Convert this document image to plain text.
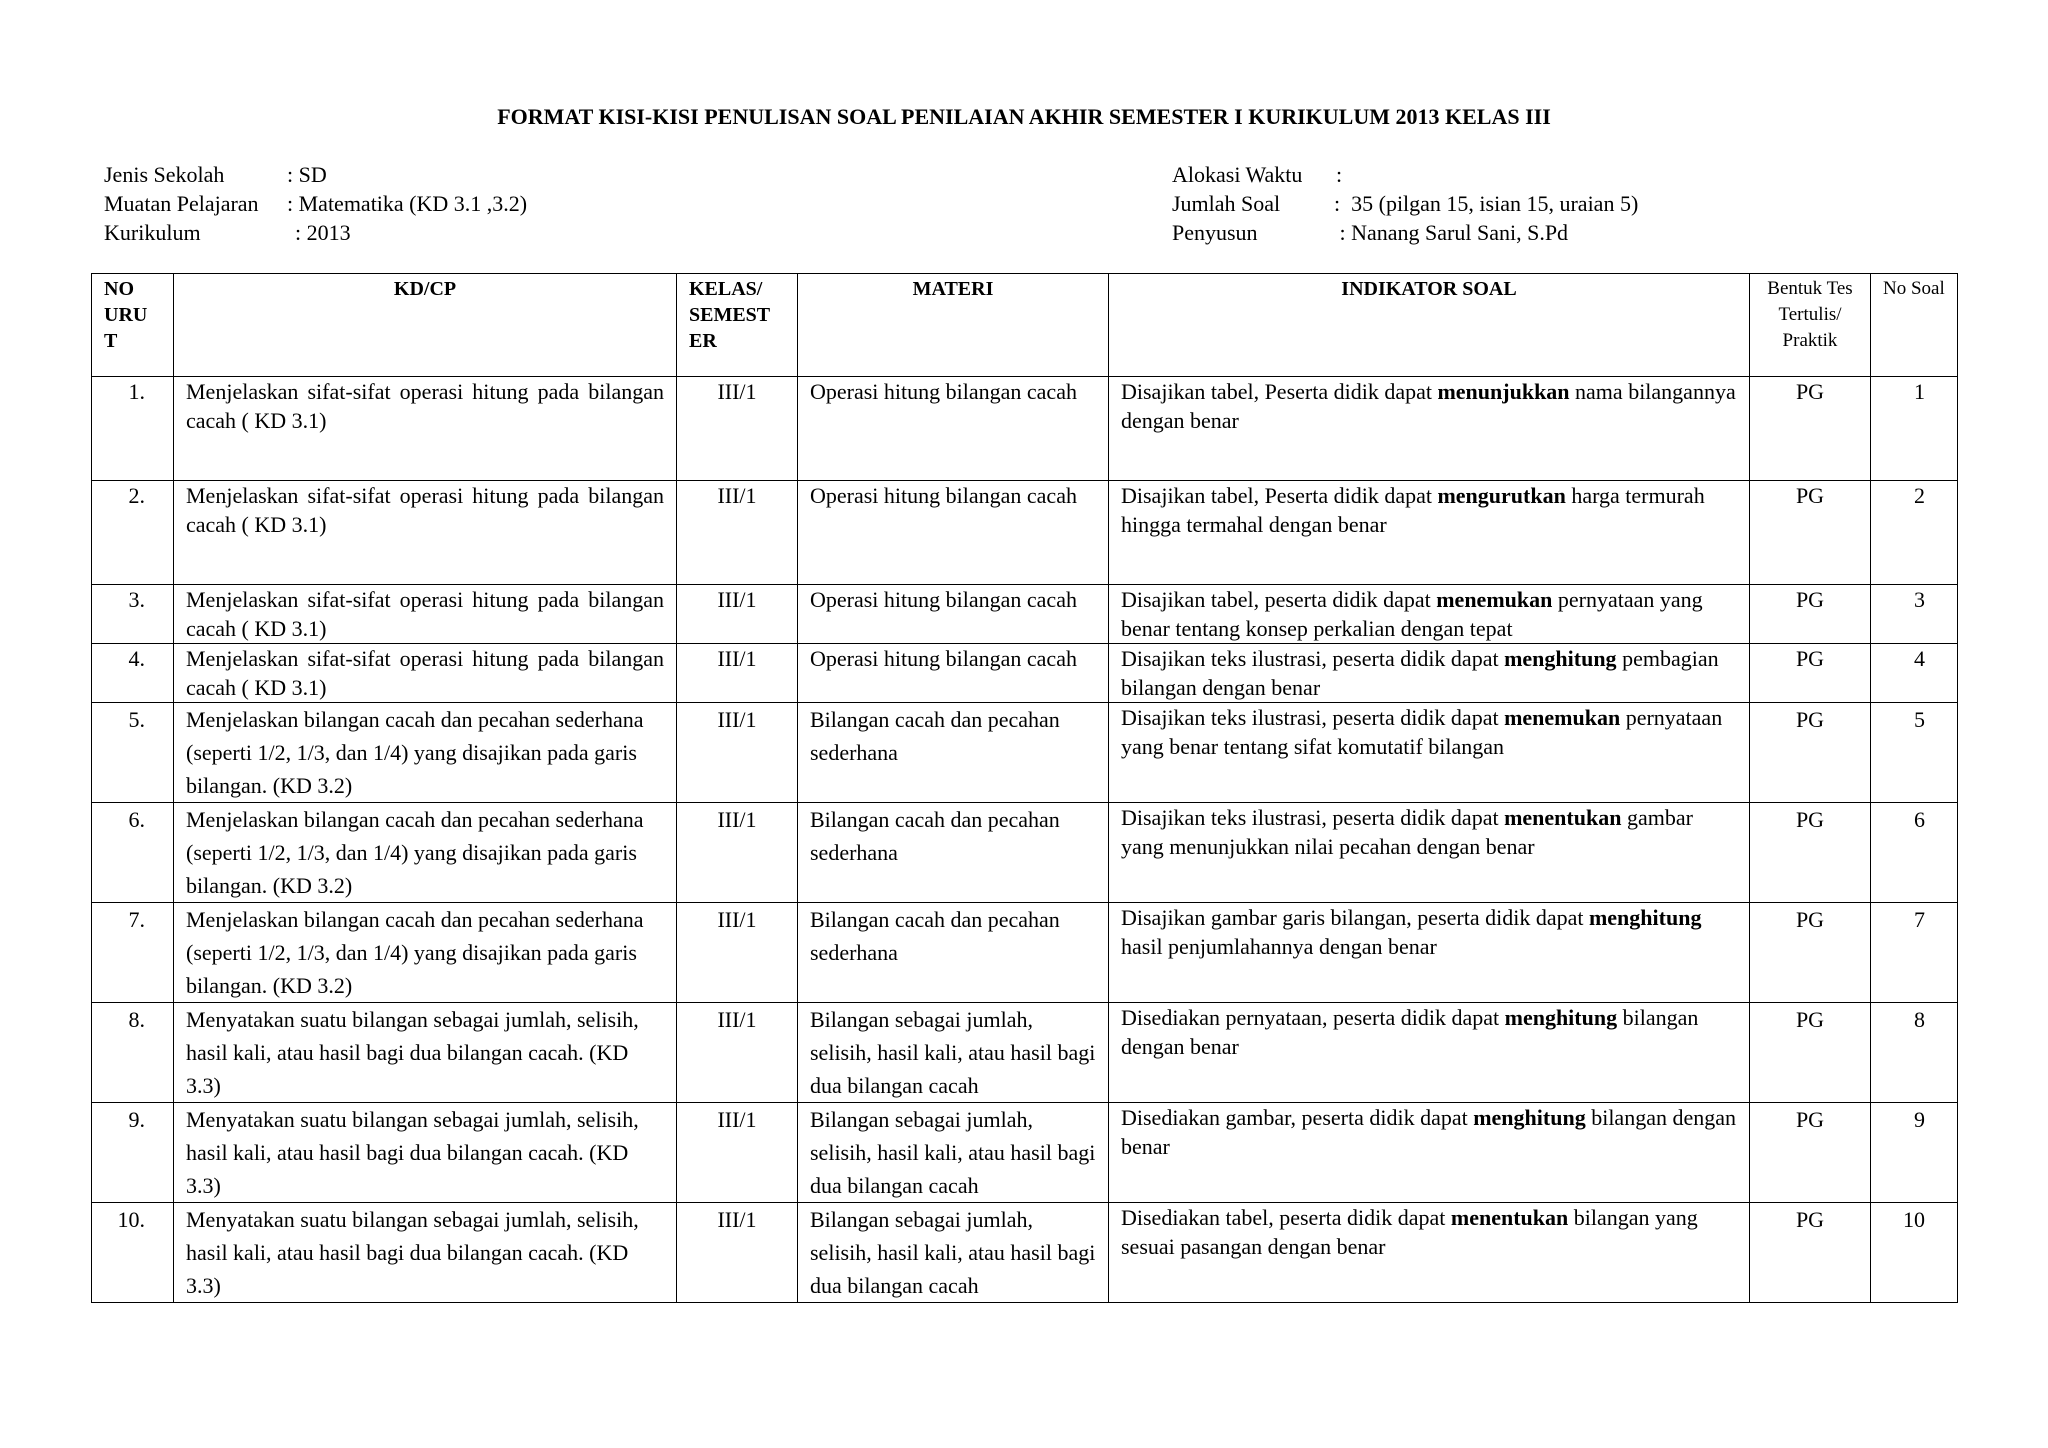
FORMAT KISI-KISI PENULISAN SOAL PENILAIAN AKHIR SEMESTER I KURIKULUM 2013 KELAS III
Jenis Sekolah	: SD
Muatan Pelajaran	: Matematika (KD 3.1 ,3.2)
Kurikulum	: 2013
Alokasi Waktu	:
Jumlah Soal	:  35 (pilgan 15, isian 15, uraian 5)
Penyusun	: Nanang Sarul Sani, S.Pd
NO URU T	KD/CP	KELAS/ SEMEST ER	MATERI	INDIKATOR SOAL	Bentuk Tes Tertulis/ Praktik	No Soal
1.	Menjelaskan sifat-sifat operasi hitung pada bilangan cacah ( KD 3.1)	III/1	Operasi hitung bilangan cacah	Disajikan tabel, Peserta didik dapat menunjukkan nama bilangannya dengan benar	PG	1
2.	Menjelaskan sifat-sifat operasi hitung pada bilangan cacah ( KD 3.1)	III/1	Operasi hitung bilangan cacah	Disajikan tabel, Peserta didik dapat mengurutkan harga termurah hingga termahal dengan benar	PG	2
3.	Menjelaskan sifat-sifat operasi hitung pada bilangan cacah ( KD 3.1)	III/1	Operasi hitung bilangan cacah	Disajikan tabel, peserta didik dapat menemukan pernyataan yang benar tentang konsep perkalian dengan tepat	PG	3
4.	Menjelaskan sifat-sifat operasi hitung pada bilangan cacah ( KD 3.1)	III/1	Operasi hitung bilangan cacah	Disajikan teks ilustrasi, peserta didik dapat menghitung pembagian bilangan dengan benar	PG	4
5.	Menjelaskan bilangan cacah dan pecahan sederhana (seperti 1/2, 1/3, dan 1/4) yang disajikan pada garis bilangan. (KD 3.2)	III/1	Bilangan cacah dan pecahan sederhana	Disajikan teks ilustrasi, peserta didik dapat menemukan pernyataan yang benar tentang sifat komutatif bilangan	PG	5
6.	Menjelaskan bilangan cacah dan pecahan sederhana (seperti 1/2, 1/3, dan 1/4) yang disajikan pada garis bilangan. (KD 3.2)	III/1	Bilangan cacah dan pecahan sederhana	Disajikan teks ilustrasi, peserta didik dapat menentukan gambar yang menunjukkan nilai pecahan dengan benar	PG	6
7.	Menjelaskan bilangan cacah dan pecahan sederhana (seperti 1/2, 1/3, dan 1/4) yang disajikan pada garis bilangan. (KD 3.2)	III/1	Bilangan cacah dan pecahan sederhana	Disajikan gambar garis bilangan, peserta didik dapat menghitung hasil penjumlahannya dengan benar	PG	7
8.	Menyatakan suatu bilangan sebagai jumlah, selisih, hasil kali, atau hasil bagi dua bilangan cacah. (KD 3.3)	III/1	Bilangan sebagai jumlah, selisih, hasil kali, atau hasil bagi dua bilangan cacah	Disediakan pernyataan, peserta didik dapat menghitung bilangan dengan benar	PG	8
9.	Menyatakan suatu bilangan sebagai jumlah, selisih, hasil kali, atau hasil bagi dua bilangan cacah. (KD 3.3)	III/1	Bilangan sebagai jumlah, selisih, hasil kali, atau hasil bagi dua bilangan cacah	Disediakan gambar, peserta didik dapat menghitung bilangan dengan benar	PG	9
10.	Menyatakan suatu bilangan sebagai jumlah, selisih, hasil kali, atau hasil bagi dua bilangan cacah. (KD 3.3)	III/1	Bilangan sebagai jumlah, selisih, hasil kali, atau hasil bagi dua bilangan cacah	Disediakan tabel, peserta didik dapat menentukan bilangan yang sesuai pasangan dengan benar	PG	10
